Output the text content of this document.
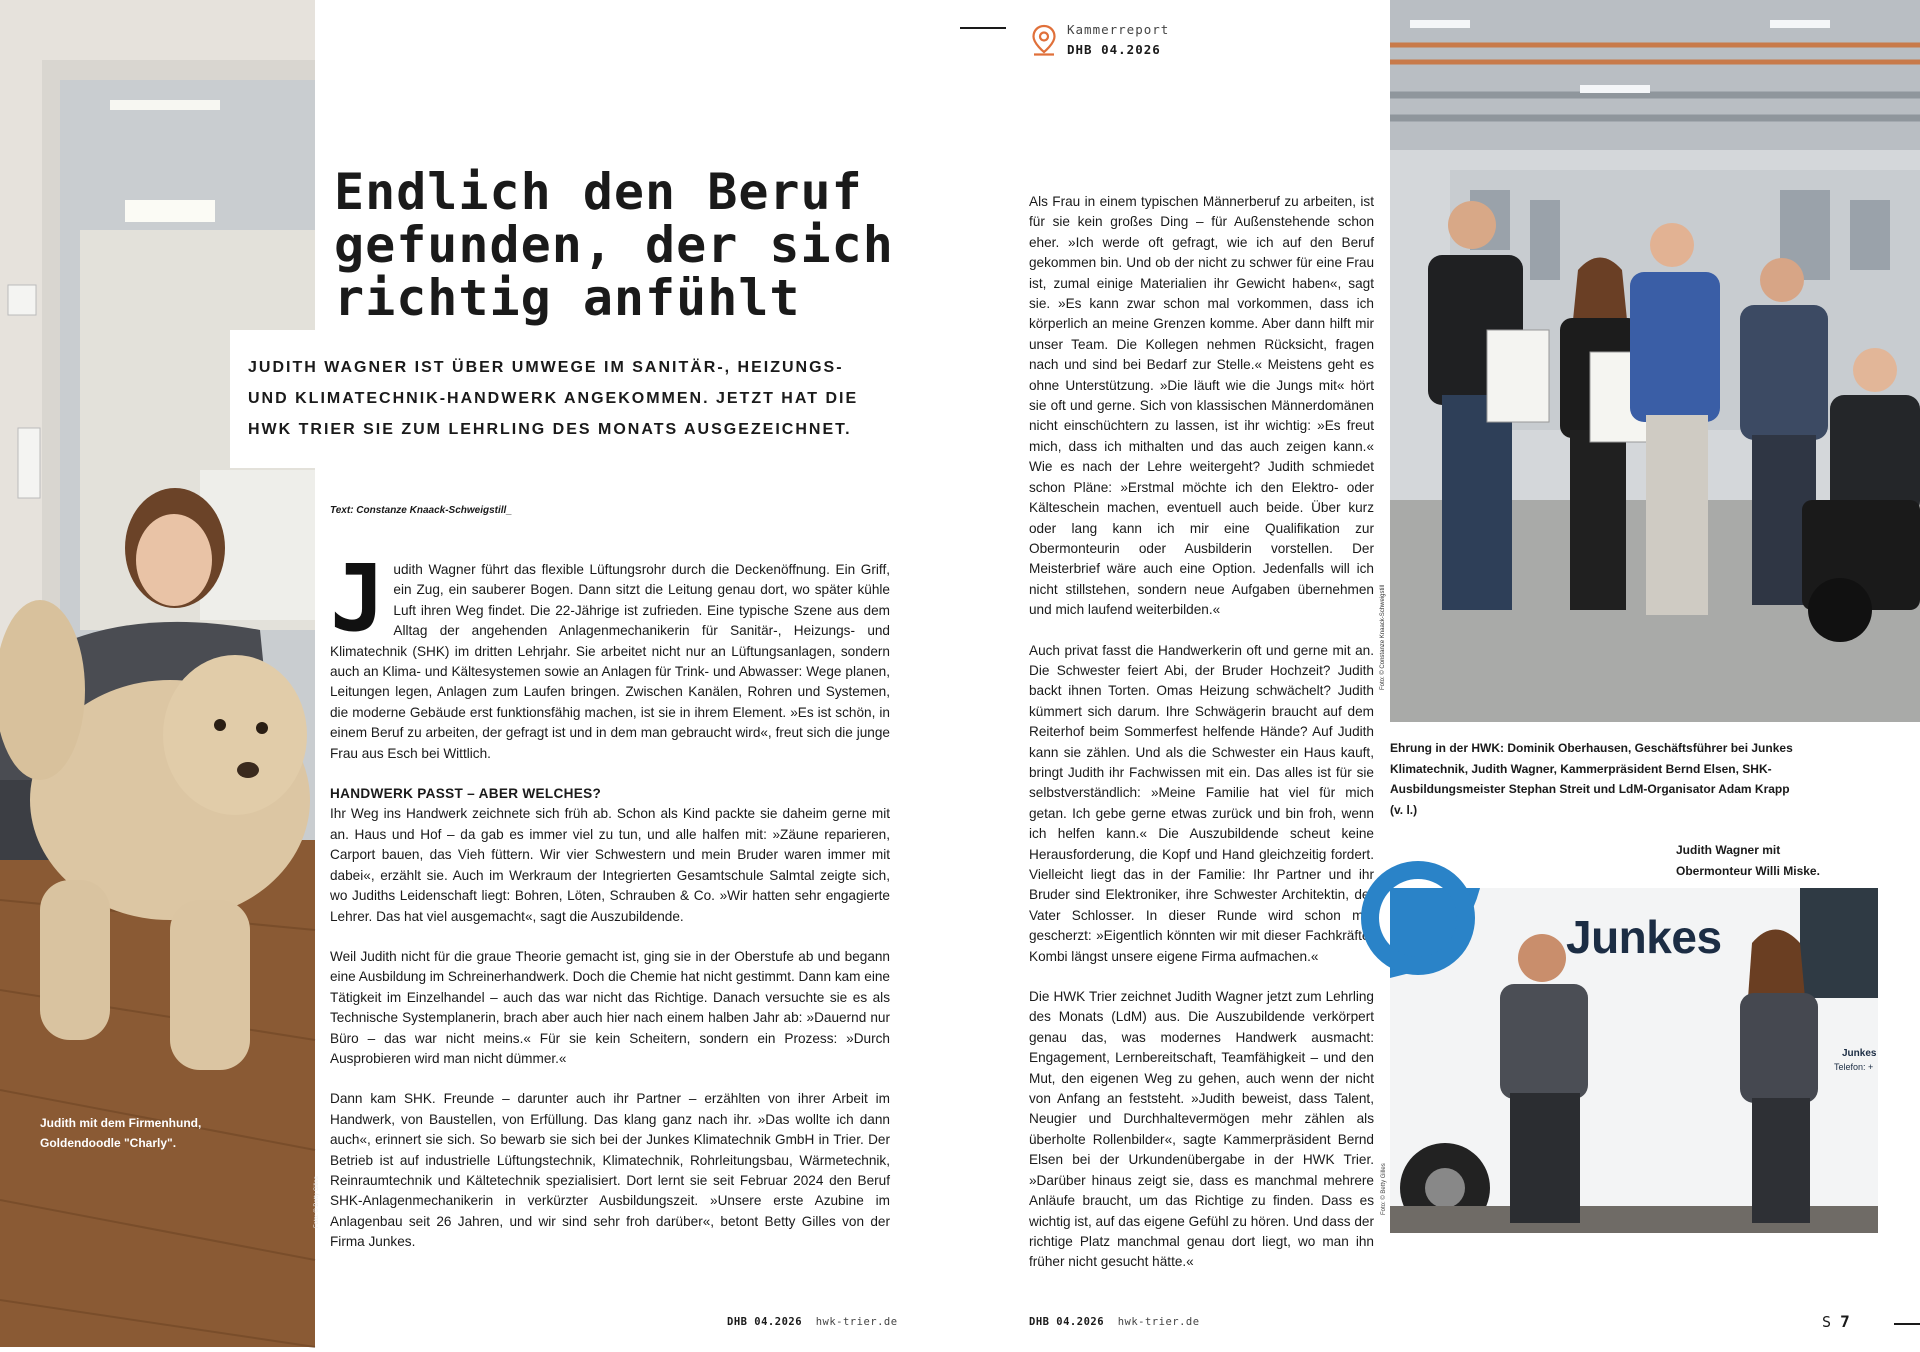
Judith mit dem Firmenhund, Goldendoodle "Charly".
Foto: © Betty Gilles
Kammerreport
DHB 04.2026
Endlich den Beruf
gefunden, der sich
richtig anfühlt

JUDITH WAGNER IST ÜBER UMWEGE IM SANITÄR-, HEIZUNGS- UND KLIMATECHNIK-HANDWERK ANGEKOMMEN. JETZT HAT DIE HWK TRIER SIE ZUM LEHRLING DES MONATS AUSGEZEICHNET.

Text: Constanze Knaack-Schweigstill_

Judith Wagner führt das flexible Lüftungsrohr durch die Deckenöffnung. Ein Griff, ein Zug, ein sauberer Bogen. Dann sitzt die Leitung genau dort, wo später kühle Luft ihren Weg findet. Die 22-Jährige ist zufrieden. Eine typische Szene aus dem Alltag der angehenden Anlagenmechanikerin für Sanitär-, Heizungs- und Klimatechnik (SHK) im dritten Lehrjahr. Sie arbeitet nicht nur an Lüftungsanlagen, sondern auch an Klima- und Kältesystemen sowie an Anlagen für Trink- und Abwasser: Wege planen, Leitungen legen, Anlagen zum Laufen bringen. Zwischen Kanälen, Rohren und Systemen, die moderne Gebäude erst funktionsfähig machen, ist sie in ihrem Element. »Es ist schön, in einem Beruf zu arbeiten, der gefragt ist und in dem man gebraucht wird«, freut sich die junge Frau aus Esch bei Wittlich.

HANDWERK PASST – ABER WELCHES?

Ihr Weg ins Handwerk zeichnete sich früh ab. Schon als Kind packte sie daheim gerne mit an. Haus und Hof – da gab es immer viel zu tun, und alle halfen mit: »Zäune reparieren, Carport bauen, das Vieh füttern. Wir vier Schwestern und mein Bruder waren immer mit dabei«, erzählt sie. Auch im Werkraum der Integrierten Gesamtschule Salmtal zeigte sich, wo Judiths Leidenschaft liegt: Bohren, Löten, Schrauben & Co. »Wir hatten sehr engagierte Lehrer. Das hat viel ausgemacht«, sagt die Auszubildende.

Weil Judith nicht für die graue Theorie gemacht ist, ging sie in der Oberstufe ab und begann eine Ausbildung im Schreinerhandwerk. Doch die Chemie hat nicht gestimmt. Dann kam eine Tätigkeit im Einzelhandel – auch das war nicht das Richtige. Danach versuchte sie es als Technische Systemplanerin, brach aber auch hier nach einem halben Jahr ab: »Dauernd nur Büro – das war nicht meins.« Für sie kein Scheitern, sondern ein Prozess: »Durch Ausprobieren wird man nicht dümmer.«

Dann kam SHK. Freunde – darunter auch ihr Partner – erzählten von ihrer Arbeit im Handwerk, von Baustellen, von Erfüllung. Das klang ganz nach ihr. »Das wollte ich dann auch«, erinnert sie sich. So bewarb sie sich bei der Junkes Klimatechnik GmbH in Trier. Der Betrieb ist auf industrielle Lüftungstechnik, Klimatechnik, Rohrleitungsbau, Wärmetechnik, Reinraumtechnik und Kältetechnik spezialisiert. Dort lernt sie seit Februar 2024 den Beruf SHK-Anlagenmechanikerin in verkürzter Ausbildungszeit. »Unsere erste Azubine im Anlagenbau seit 26 Jahren, und wir sind sehr froh darüber«, betont Betty Gilles von der Firma Junkes.

Als Frau in einem typischen Männerberuf zu arbeiten, ist für sie kein großes Ding – für Außenstehende schon eher. »Ich werde oft gefragt, wie ich auf den Beruf gekommen bin. Und ob der nicht zu schwer für eine Frau ist, zumal einige Materialien ihr Gewicht haben«, sagt sie. »Es kann zwar schon mal vorkommen, dass ich körperlich an meine Grenzen komme. Aber dann hilft mir unser Team. Die Kollegen nehmen Rücksicht, fragen nach und sind bei Bedarf zur Stelle.« Meistens geht es ohne Unterstützung. »Die läuft wie die Jungs mit« hört sie oft und gerne. Sich von klassischen Männerdomänen nicht einschüchtern zu lassen, ist ihr wichtig: »Es freut mich, dass ich mithalten und das auch zeigen kann.« Wie es nach der Lehre weitergeht? Judith schmiedet schon Pläne: »Erstmal möchte ich den Elektro- oder Kälteschein machen, eventuell auch beide. Über kurz oder lang kann ich mir eine Qualifikation zur Obermonteurin oder Ausbilderin vorstellen. Der Meisterbrief wäre auch eine Option. Jedenfalls will ich nicht stillstehen, sondern neue Aufgaben übernehmen und mich laufend weiterbilden.«

Auch privat fasst die Handwerkerin oft und gerne mit an. Die Schwester feiert Abi, der Bruder Hochzeit? Judith backt ihnen Torten. Omas Heizung schwächelt? Judith kümmert sich darum. Ihre Schwägerin braucht auf dem Reiterhof beim Sommerfest helfende Hände? Auf Judith kann sie zählen. Und als die Schwester ein Haus kauft, bringt Judith ihr Fachwissen mit ein. Das alles ist für sie selbstverständlich: »Meine Familie hat viel für mich getan. Ich gebe gerne etwas zurück und bin froh, wenn ich helfen kann.« Die Auszubildende scheut keine Herausforderung, die Kopf und Hand gleichzeitig fordert. Vielleicht liegt das in der Familie: Ihr Partner und ihr Bruder sind Elektroniker, ihre Schwester Architektin, der Vater Schlosser. In dieser Runde wird schon mal gescherzt: »Eigentlich könnten wir mit dieser Fachkräfte-Kombi längst unsere eigene Firma aufmachen.«

Die HWK Trier zeichnet Judith Wagner jetzt zum Lehrling des Monats (LdM) aus. Die Auszubildende verkörpert genau das, was modernes Handwerk ausmacht: Engagement, Lernbereitschaft, Teamfähigkeit – und den Mut, den eigenen Weg zu gehen, auch wenn der nicht von Anfang an feststeht. »Judith beweist, dass Talent, Neugier und Durchhaltevermögen mehr zählen als überholte Rollenbilder«, sagte Kammerpräsident Bernd Elsen bei der Urkundenübergabe in der HWK Trier. »Darüber hinaus zeigt sie, dass es manchmal mehrere Anläufe braucht, um das Richtige zu finden. Dass es wichtig ist, auf das eigene Gefühl zu hören. Und dass der richtige Platz manchmal genau dort liegt, wo man ihn früher nicht gesucht hätte.«

Foto: © Constanze Knaack-Schweigstill
Ehrung in der HWK: Dominik Oberhausen, Geschäftsführer bei Junkes Klimatechnik, Judith Wagner, Kammerpräsident Bernd Elsen, SHK-Ausbildungsmeister Stephan Streit und LdM-Organisator Adam Krapp (v. l.)
Judith Wagner mit Obermonteur Willi Miske.
Junkes
Junkes
Telefon: +
Foto: © Betty Gilles
DHB 04.2026 hwk-trier.de	DHB 04.2026 hwk-trier.de	S 7
